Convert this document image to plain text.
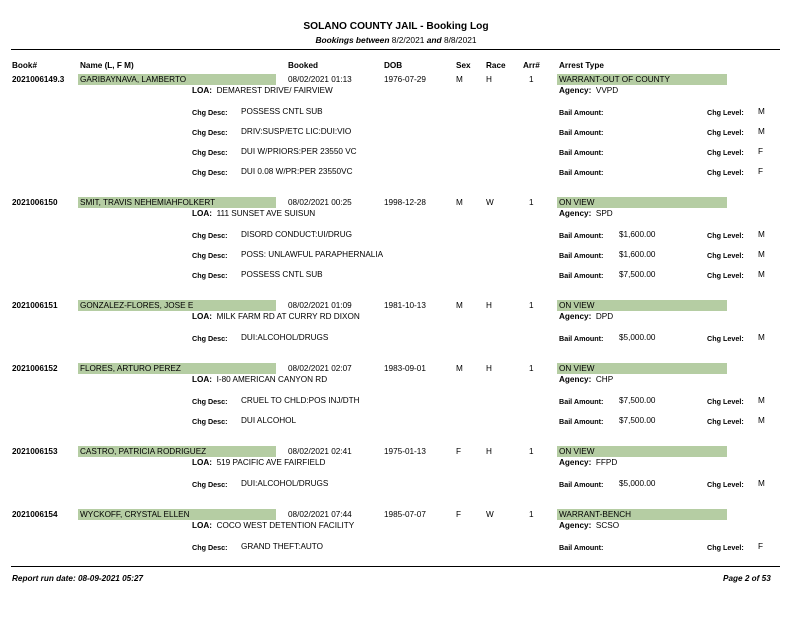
SOLANO COUNTY JAIL - Booking Log
Bookings between 8/2/2021 and 8/8/2021
Book#	Name (L, F M)	Booked	DOB	Sex Race Arr# Arrest Type
2021006149.3 GARIBAYNAVA, LAMBERTO	08/02/2021 01:13	1976-07-29	M	H	1	WARRANT-OUT OF COUNTY
LOA: DEMAREST DRIVE/ FAIRVIEW	Agency: VVPD
Chg Desc: POSSESS CNTL SUB	Bail Amount:	Chg Level: M
Chg Desc: DRIV:SUSP/ETC LIC:DUI:VIO	Bail Amount:	Chg Level: M
Chg Desc: DUI W/PRIORS:PER 23550 VC	Bail Amount:	Chg Level: F
Chg Desc: DUI 0.08 W/PR:PER 23550VC	Bail Amount:	Chg Level: F
2021006150	SMIT, TRAVIS NEHEMIAHFOLKERT	08/02/2021 00:25	1998-12-28	M	W	1	ON VIEW
LOA: 111 SUNSET AVE SUISUN	Agency: SPD
Chg Desc: DISORD CONDUCT:UI/DRUG	Bail Amount: $1,600.00	Chg Level: M
Chg Desc: POSS: UNLAWFUL PARAPHERNALIA	Bail Amount: $1,600.00	Chg Level: M
Chg Desc: POSSESS CNTL SUB	Bail Amount: $7,500.00	Chg Level: M
2021006151	GONZALEZ-FLORES, JOSE E	08/02/2021 01:09	1981-10-13	M	H	1	ON VIEW
LOA: MILK FARM RD AT CURRY RD DIXON	Agency: DPD
Chg Desc: DUI:ALCOHOL/DRUGS	Bail Amount: $5,000.00	Chg Level: M
2021006152	FLORES, ARTURO PEREZ	08/02/2021 02:07	1983-09-01	M	H	1	ON VIEW
LOA: I-80 AMERICAN CANYON RD	Agency: CHP
Chg Desc: CRUEL TO CHLD:POS INJ/DTH	Bail Amount: $7,500.00	Chg Level: M
Chg Desc: DUI ALCOHOL	Bail Amount: $7,500.00	Chg Level: M
2021006153	CASTRO, PATRICIA RODRIGUEZ	08/02/2021 02:41	1975-01-13	F	H	1	ON VIEW
LOA: 519 PACIFIC AVE FAIRFIELD	Agency: FFPD
Chg Desc: DUI:ALCOHOL/DRUGS	Bail Amount: $5,000.00	Chg Level: M
2021006154	WYCKOFF, CRYSTAL ELLEN	08/02/2021 07:44	1985-07-07	F	W	1	WARRANT-BENCH
LOA: COCO WEST DETENTION FACILITY	Agency: SCSO
Chg Desc: GRAND THEFT:AUTO	Bail Amount:	Chg Level: F
Report run date: 08-09-2021 05:27	Page 2 of 53
